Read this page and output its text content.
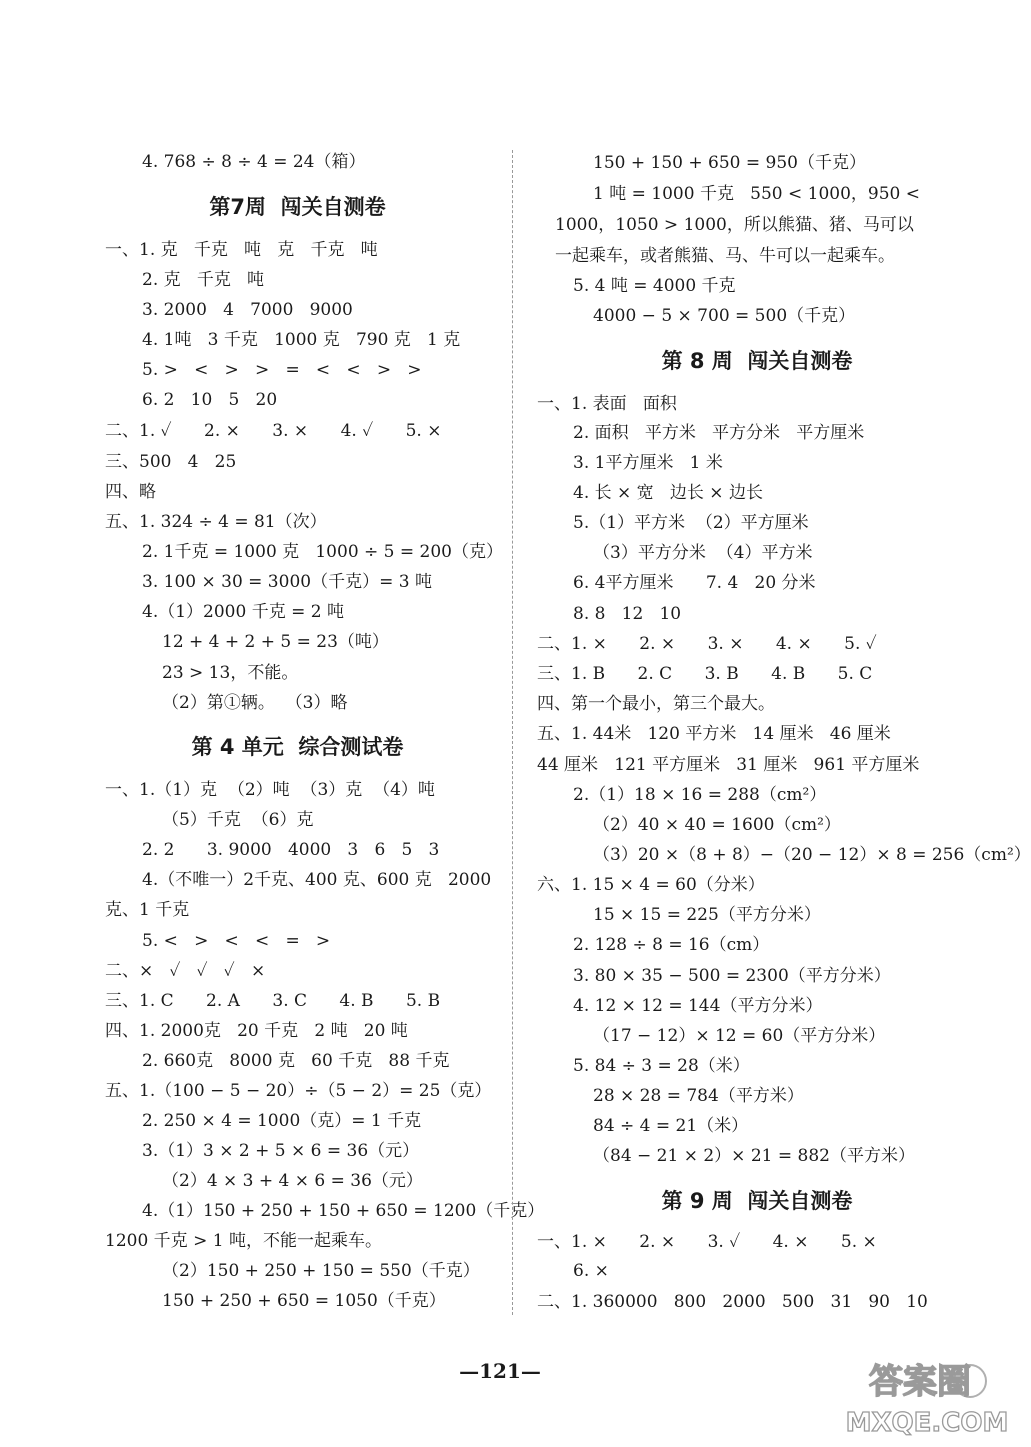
4. 768 ÷ 8 ÷ 4 = 24（箱）
第7周  闯关自测卷
一、1. 克   千克   吨   克   千克   吨
2. 克   千克   吨
3. 2000   4   7000   9000
4. 1吨   3 千克   1000 克   790 克   1 克
5. >   <   >   >   =   <   <   >   >
6. 2   10   5   20
二、1. ✓      2. ×      3. ×      4. ✓      5. ×
三、500   4   25
四、略
五、1. 324 ÷ 4 = 81（次）
2. 1千克 = 1000 克   1000 ÷ 5 = 200（克）
3. 100 × 30 = 3000（千克）= 3 吨
4.（1）2000 千克 = 2 吨
12 + 4 + 2 + 5 = 23（吨）
23 > 13，不能。
（2）第①辆。  （3）略
第 4 单元  综合测试卷
一、1.（1）克  （2）吨  （3）克  （4）吨
（5）千克  （6）克
2. 2      3. 9000   4000   3   6   5   3
4.（不唯一）2千克、400 克、600 克   2000
克、1 千克
5. <   >   <   <   =   >
二、×   ✓   ✓   ✓   ×
三、1. C      2. A      3. C      4. B      5. B
四、1. 2000克   20 千克   2 吨   20 吨
2. 660克   8000 克   60 千克   88 千克
五、1.（100 − 5 − 20）÷（5 − 2）= 25（克）
2. 250 × 4 = 1000（克）= 1 千克
3.（1）3 × 2 + 5 × 6 = 36（元）
（2）4 × 3 + 4 × 6 = 36（元）
4.（1）150 + 250 + 150 + 650 = 1200（千克）
1200 千克 > 1 吨，不能一起乘车。
（2）150 + 250 + 150 = 550（千克）
150 + 250 + 650 = 1050（千克）
150 + 150 + 650 = 950（千克）
1 吨 = 1000 千克   550 < 1000，950 <
1000，1050 > 1000，所以熊猫、猪、马可以
一起乘车，或者熊猫、马、牛可以一起乘车。
5. 4 吨 = 4000 千克
4000 − 5 × 700 = 500（千克）
第 8 周  闯关自测卷
一、1. 表面   面积
2. 面积   平方米   平方分米   平方厘米
3. 1平方厘米   1 米
4. 长 × 宽   边长 × 边长
5.（1）平方米  （2）平方厘米
（3）平方分米  （4）平方米
6. 4平方厘米      7. 4   20 分米
8. 8   12   10
二、1. ×      2. ×      3. ×      4. ×      5. ✓
三、1. B      2. C      3. B      4. B      5. C
四、第一个最小，第三个最大。
五、1. 44米   120 平方米   14 厘米   46 厘米
44 厘米   121 平方厘米   31 厘米   961 平方厘米
2.（1）18 × 16 = 288（cm²）
（2）40 × 40 = 1600（cm²）
（3）20 ×（8 + 8）−（20 − 12）× 8 = 256（cm²）
六、1. 15 × 4 = 60（分米）
15 × 15 = 225（平方分米）
2. 128 ÷ 8 = 16（cm）
3. 80 × 35 − 500 = 2300（平方分米）
4. 12 × 12 = 144（平方分米）
（17 − 12）× 12 = 60（平方分米）
5. 84 ÷ 3 = 28（米）
28 × 28 = 784（平方米）
84 ÷ 4 = 21（米）
（84 − 21 × 2）× 21 = 882（平方米）
第 9 周  闯关自测卷
一、1. ×      2. ×      3. ✓      4. ×      5. ×
6. ×
二、1. 360000   800   2000   500   31   90   10
—121—	答案圈
MXQE.COM
